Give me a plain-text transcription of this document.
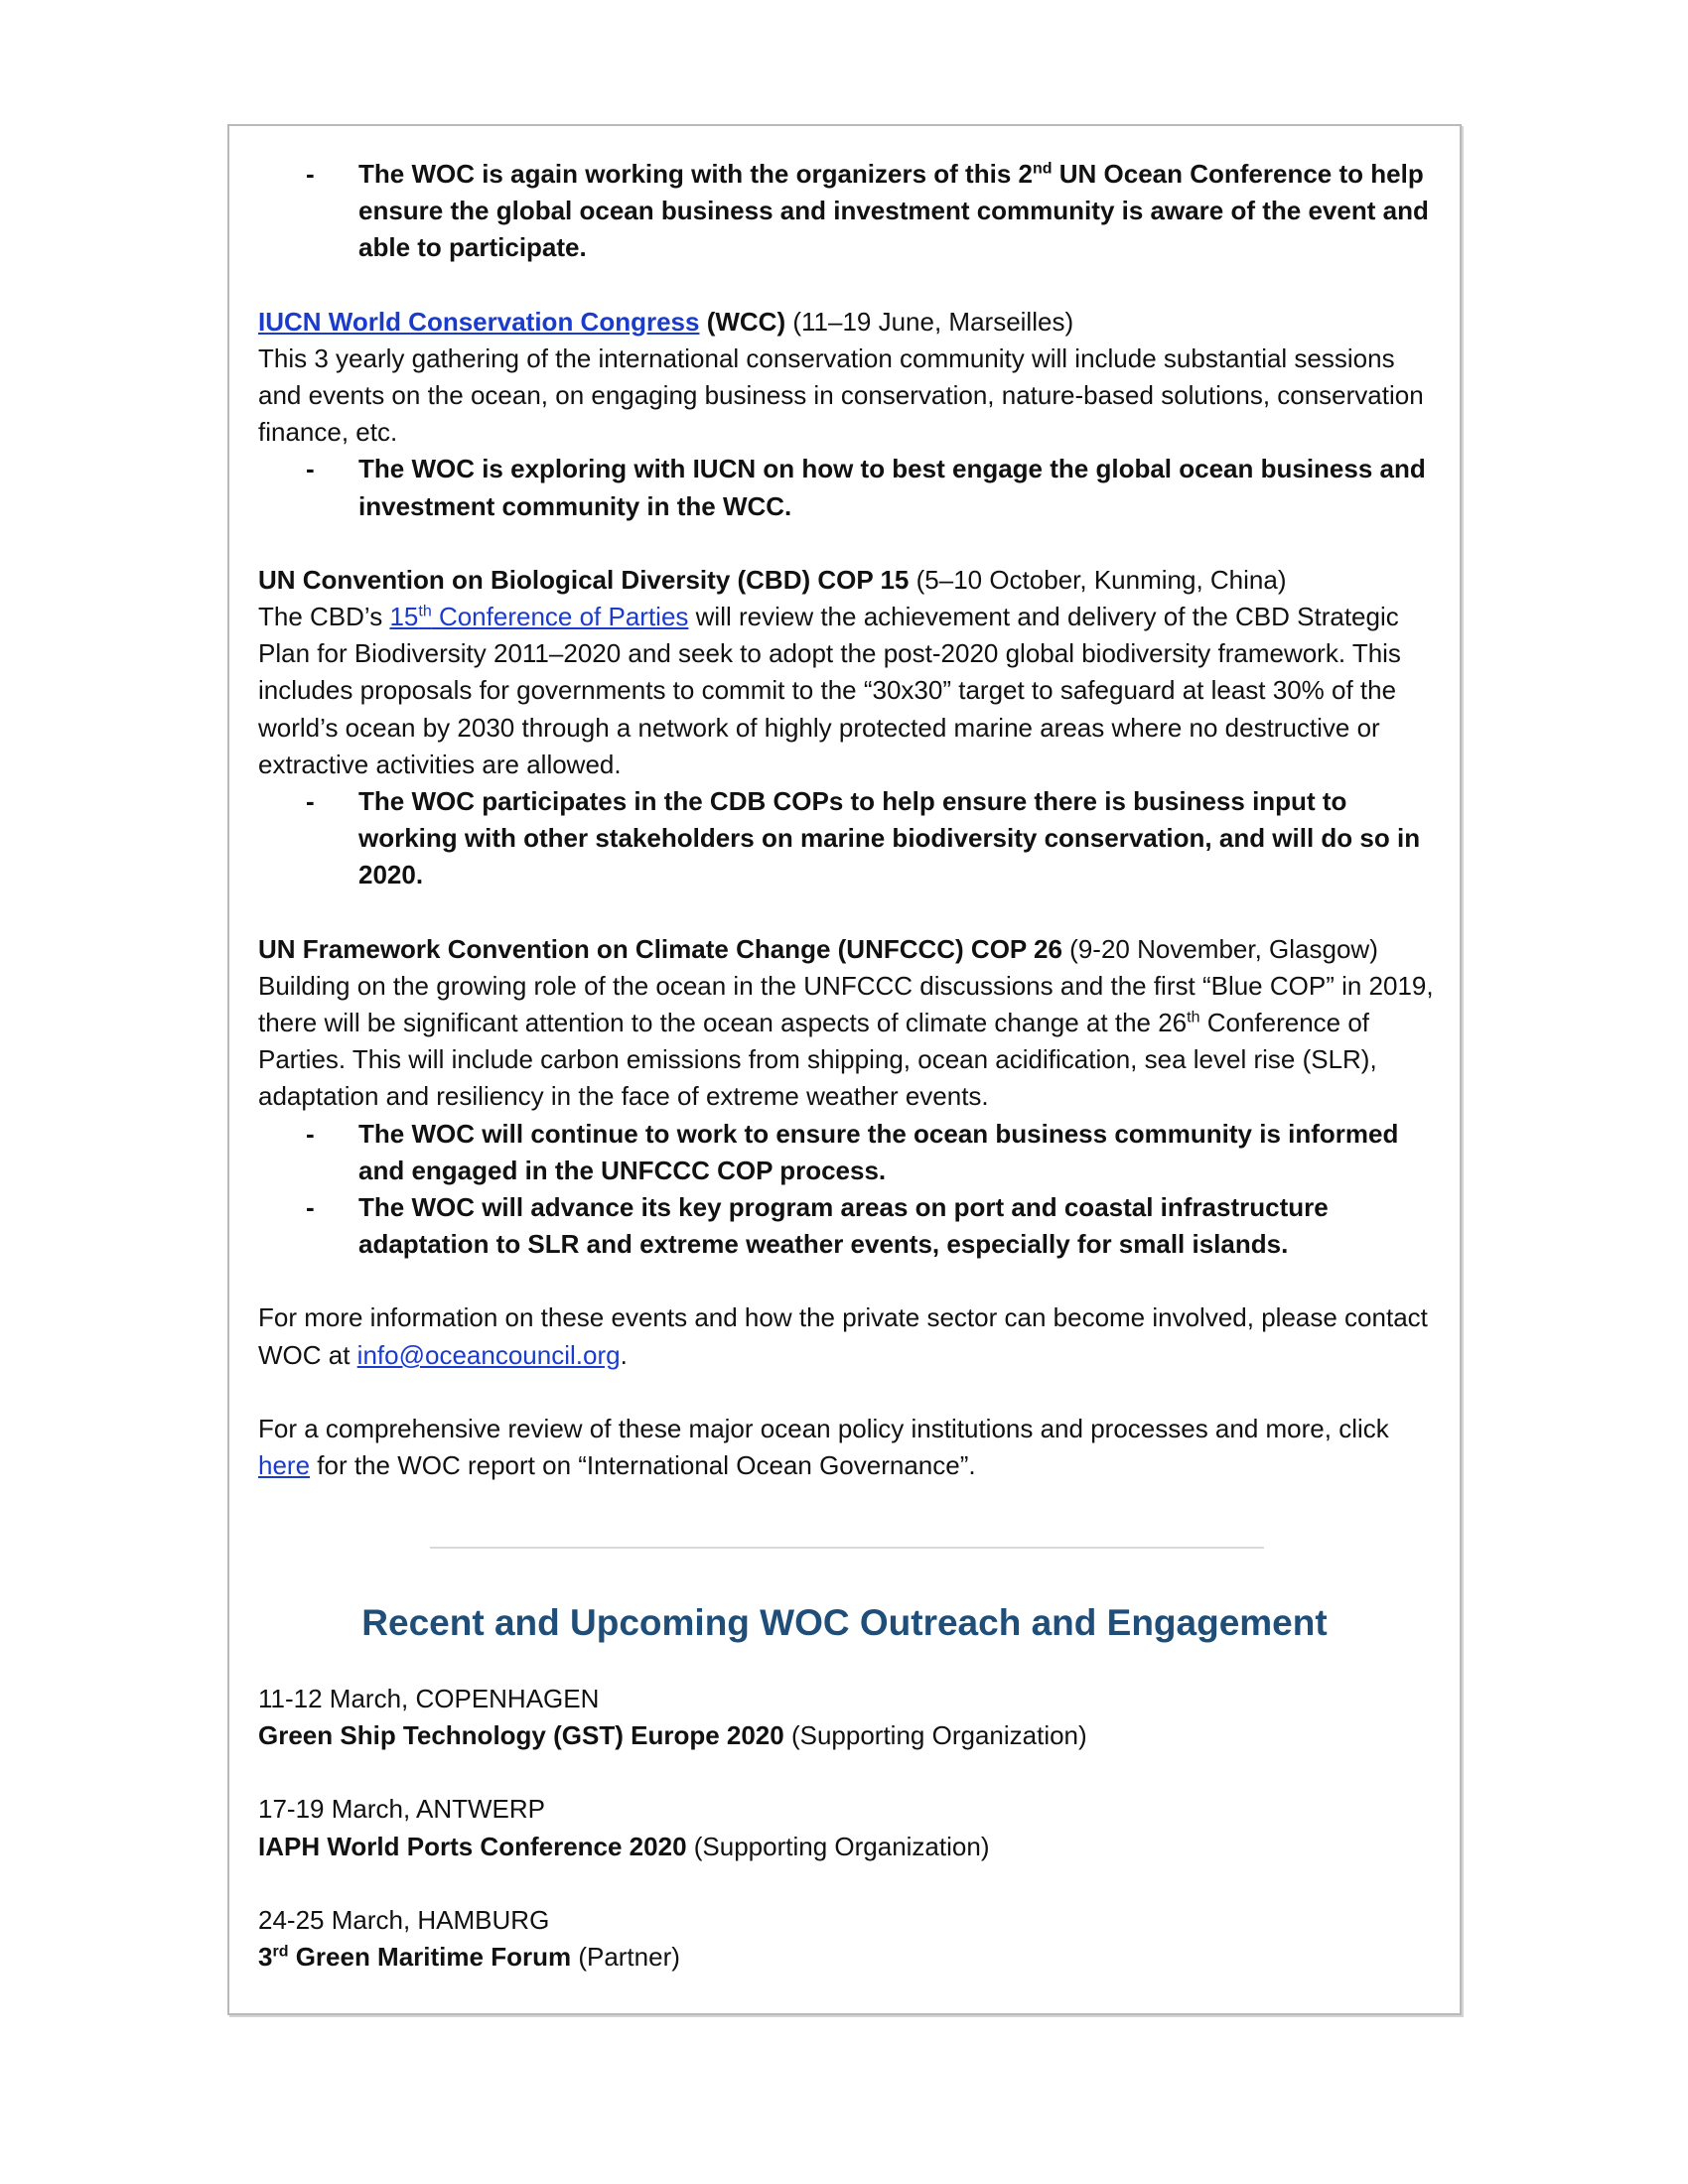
-	The WOC is again working with the organizers of this 2nd UN Ocean Conference to help ensure the global ocean business and investment community is aware of the event and able to participate.

IUCN World Conservation Congress (WCC) (11–19 June, Marseilles)

This 3 yearly gathering of the international conservation community will include substantial sessions and events on the ocean, on engaging business in conservation, nature-based solutions, conservation finance, etc.

-	The WOC is exploring with IUCN on how to best engage the global ocean business and investment community in the WCC.

UN Convention on Biological Diversity (CBD) COP 15 (5–10 October, Kunming, China)

The CBD’s 15th Conference of Parties will review the achievement and delivery of the CBD Strategic Plan for Biodiversity 2011–2020 and seek to adopt the post-2020 global biodiversity framework. This includes proposals for governments to commit to the “30x30” target to safeguard at least 30% of the world’s ocean by 2030 through a network of highly protected marine areas where no destructive or extractive activities are allowed.

-	The WOC participates in the CDB COPs to help ensure there is business input to working with other stakeholders on marine biodiversity conservation, and will do so in 2020.

UN Framework Convention on Climate Change (UNFCCC) COP 26 (9-20 November, Glasgow)

Building on the growing role of the ocean in the UNFCCC discussions and the first “Blue COP” in 2019, there will be significant attention to the ocean aspects of climate change at the 26th Conference of Parties. This will include carbon emissions from shipping, ocean acidification, sea level rise (SLR), adaptation and resiliency in the face of extreme weather events.

-	The WOC will continue to work to ensure the ocean business community is informed and engaged in the UNFCCC COP process.
-	The WOC will advance its key program areas on port and coastal infrastructure adaptation to SLR and extreme weather events, especially for small islands.

For more information on these events and how the private sector can become involved, please contact WOC at info@oceancouncil.org.

For a comprehensive review of these major ocean policy institutions and processes and more, click here for the WOC report on “International Ocean Governance”.

Recent and Upcoming WOC Outreach and Engagement

11-12 March, COPENHAGEN

Green Ship Technology (GST) Europe 2020 (Supporting Organization)

17-19 March, ANTWERP

IAPH World Ports Conference 2020 (Supporting Organization)

24-25 March, HAMBURG

3rd Green Maritime Forum (Partner)
